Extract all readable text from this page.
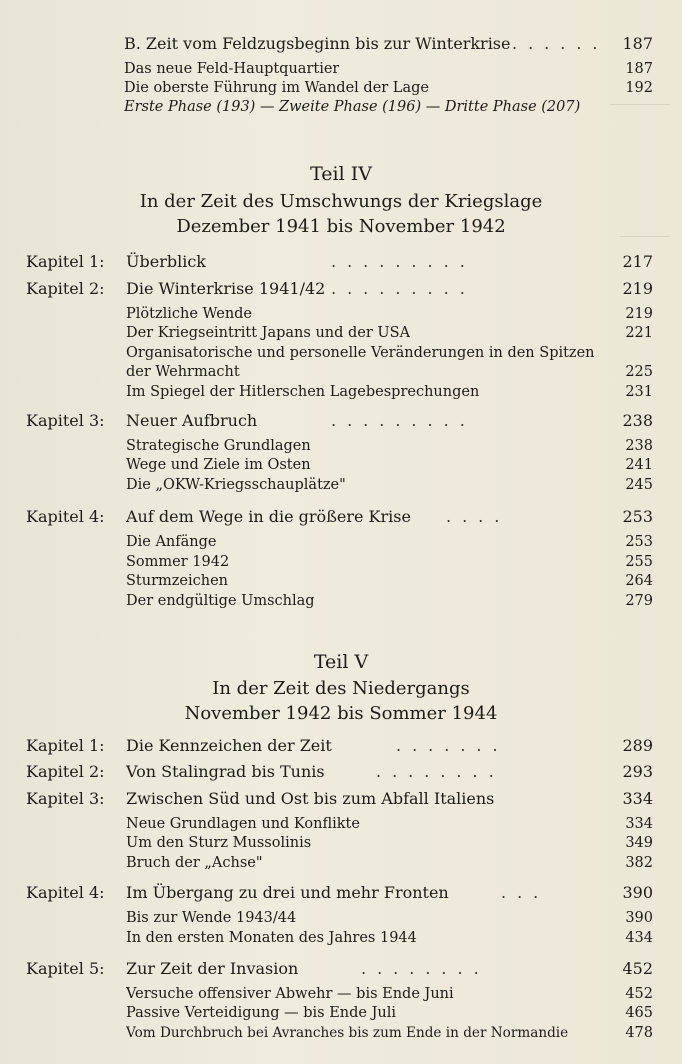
B. Zeit vom Feldzugsbeginn bis zur Winterkrise ...... 187
Das neue Feld-Hauptquartier	187
Die oberste Führung im Wandel der Lage	192
Erste Phase (193) — Zweite Phase (196) — Dritte Phase (207)
Teil IV
In der Zeit des Umschwungs der Kriegslage
Dezember 1941 bis November 1942
Kapitel 1: Überblick	.........	217
Kapitel 2: Die Winterkrise 1941/42 .........	219
Plötzliche Wende	219
Der Kriegseintritt Japans und der USA	221
Organisatorische und personelle Veränderungen in den Spitzen
der Wehrmacht	225
Im Spiegel der Hitlerschen Lagebesprechungen	231
Kapitel 3: Neuer Aufbruch	.........	238
Strategische Grundlagen	238
Wege und Ziele im Osten	241
Die „OKW-Kriegsschauplätze"	245
Kapitel 4: Auf dem Wege in die größere Krise ....	253
Die Anfänge	253
Sommer 1942	255
Sturmzeichen	264
Der endgültige Umschlag	279
Teil V
In der Zeit des Niedergangs
November 1942 bis Sommer 1944
Kapitel 1: Die Kennzeichen der Zeit	.......	289
Kapitel 2: Von Stalingrad bis Tunis	........	293
Kapitel 3: Zwischen Süd und Ost bis zum Abfall Italiens	334
Neue Grundlagen und Konflikte	334
Um den Sturz Mussolinis	349
Bruch der „Achse"	382
Kapitel 4: Im Übergang zu drei und mehr Fronten	...	390
Bis zur Wende 1943/44	390
In den ersten Monaten des Jahres 1944	434
Kapitel 5: Zur Zeit der Invasion	........	452
Versuche offensiver Abwehr — bis Ende Juni	452
Passive Verteidigung — bis Ende Juli	465
Vom Durchbruch bei Avranches bis zum Ende in der Normandie	478
